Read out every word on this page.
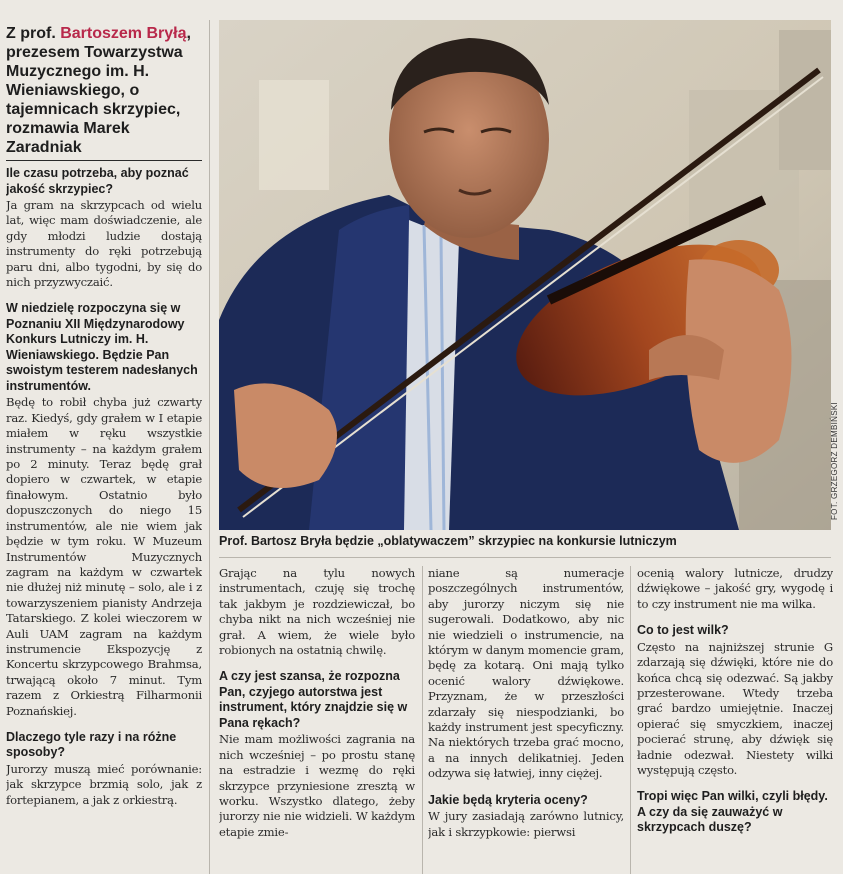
Z prof. Bartoszem Bryłą, prezesem Towarzystwa Muzycznego im. H. Wieniawskiego, o tajemnicach skrzypiec, rozmawia Marek Zaradniak

Ile czasu potrzeba, aby poznać jakość skrzypiec?

Ja gram na skrzypcach od wielu lat, więc mam doświadczenie, ale gdy młodzi ludzie dostają instrumenty do ręki potrzebują paru dni, albo tygodni, by się do nich przyzwyczaić.

W niedzielę rozpoczyna się w Poznaniu XII Międzynarodowy Konkurs Lutniczy im. H. Wieniawskiego. Będzie Pan swoistym testerem nadesłanych instrumentów.

Będę to robił chyba już czwarty raz. Kiedyś, gdy grałem w I etapie miałem w ręku wszystkie instrumenty – na każdym grałem po 2 minuty. Teraz będę grał dopiero w czwartek, w etapie finałowym. Ostatnio było dopuszczonych do niego 15 instrumentów, ale nie wiem jak będzie w tym roku. W Muzeum Instrumentów Muzycznych zagram na każdym w czwartek nie dłużej niż minutę – solo, ale i z towarzyszeniem pianisty Andrzeja Tatarskiego. Z kolei wieczorem w Auli UAM zagram na każdym instrumencie Ekspozycję z Koncertu skrzypcowego Brahmsa, trwającą około 7 minut. Tym razem z Orkiestrą Filharmonii Poznańskiej.

Dlaczego tyle razy i na różne sposoby?

Jurorzy muszą mieć porównanie: jak skrzypce brzmią solo, jak z fortepianem, a jak z orkiestrą.

FOT. GRZEGORZ DEMBIŃSKI
Prof. Bartosz Bryła będzie „oblatywaczem” skrzypiec na konkursie lutniczym

Grając na tylu nowych instrumentach, czuję się trochę tak jakbym je rozdziewiczał, bo chyba nikt na nich wcześniej nie grał. A wiem, że wiele było robionych na ostatnią chwilę.

A czy jest szansa, że rozpozna Pan, czyjego autorstwa jest instrument, który znajdzie się w Pana rękach?

Nie mam możliwości zagrania na nich wcześniej – po prostu stanę na estradzie i wezmę do ręki skrzypce przyniesione zresztą w worku. Wszystko dlatego, żeby jurorzy nie nie widzieli. W każdym etapie zmie-

niane są numeracje poszczególnych instrumentów, aby jurorzy niczym się nie sugerowali. Dodatkowo, aby nic nie wiedzieli o instrumencie, na którym w danym momencie gram, będę za kotarą. Oni mają tylko ocenić walory dźwiękowe. Przyznam, że w przeszłości zdarzały się niespodzianki, bo każdy instrument jest specyficzny. Na niektórych trzeba grać mocno, a na innych delikatniej. Jeden odzywa się łatwiej, inny ciężej.

Jakie będą kryteria oceny?

W jury zasiadają zarówno lutnicy, jak i skrzypkowie: pierwsi

ocenią walory lutnicze, drudzy dźwiękowe – jakość gry, wygodę i to czy instrument nie ma wilka.

Co to jest wilk?

Często na najniższej strunie G zdarzają się dźwięki, które nie do końca chcą się odezwać. Są jakby przesterowane. Wtedy trzeba grać bardzo umiejętnie. Inaczej opierać się smyczkiem, inaczej pocierać strunę, aby dźwięk się ładnie odezwał. Niestety wilki występują często.

Tropi więc Pan wilki, czyli błędy. A czy da się zauważyć w skrzypcach duszę?
